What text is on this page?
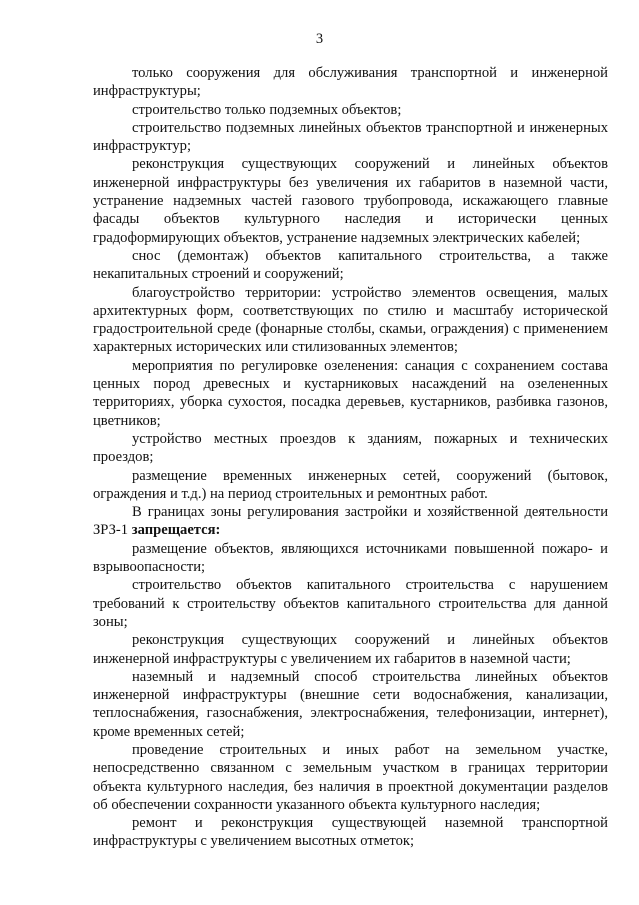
3

только сооружения для обслуживания транспортной и инженерной инфраструктуры;

строительство только подземных объектов;

строительство подземных линейных объектов транспортной и инженерных инфраструктур;

реконструкция существующих сооружений и линейных объектов инженерной инфраструктуры без увеличения их габаритов в наземной части, устранение надземных частей газового трубопровода, искажающего главные фасады объектов культурного наследия и исторически ценных градоформирующих объектов, устранение надземных электрических кабелей;

снос (демонтаж) объектов капитального строительства, а также некапитальных строений и сооружений;

благоустройство территории: устройство элементов освещения, малых архитектурных форм, соответствующих по стилю и масштабу исторической градостроительной среде (фонарные столбы, скамьи, ограждения) с применением характерных исторических или стилизованных элементов;

мероприятия по регулировке озеленения: санация с сохранением состава ценных пород древесных и кустарниковых насаждений на озелененных территориях, уборка сухостоя, посадка деревьев, кустарников, разбивка газонов, цветников;

устройство местных проездов к зданиям, пожарных и технических проездов;

размещение временных инженерных сетей, сооружений (бытовок, ограждения и т.д.) на период строительных и ремонтных работ.

В границах зоны регулирования застройки и хозяйственной деятельности ЗРЗ-1 запрещается:

размещение объектов, являющихся источниками повышенной пожаро- и взрывоопасности;

строительство объектов капитального строительства с нарушением требований к строительству объектов капитального строительства для данной зоны;

реконструкция существующих сооружений и линейных объектов инженерной инфраструктуры с увеличением их габаритов в наземной части;

наземный и надземный способ строительства линейных объектов инженерной инфраструктуры (внешние сети водоснабжения, канализации, теплоснабжения, газоснабжения, электроснабжения, телефонизации, интернет), кроме временных сетей;

проведение строительных и иных работ на земельном участке, непосредственно связанном с земельным участком в границах территории объекта культурного наследия, без наличия в проектной документации разделов об обеспечении сохранности указанного объекта культурного наследия;

ремонт и реконструкция существующей наземной транспортной инфраструктуры с увеличением высотных отметок;
